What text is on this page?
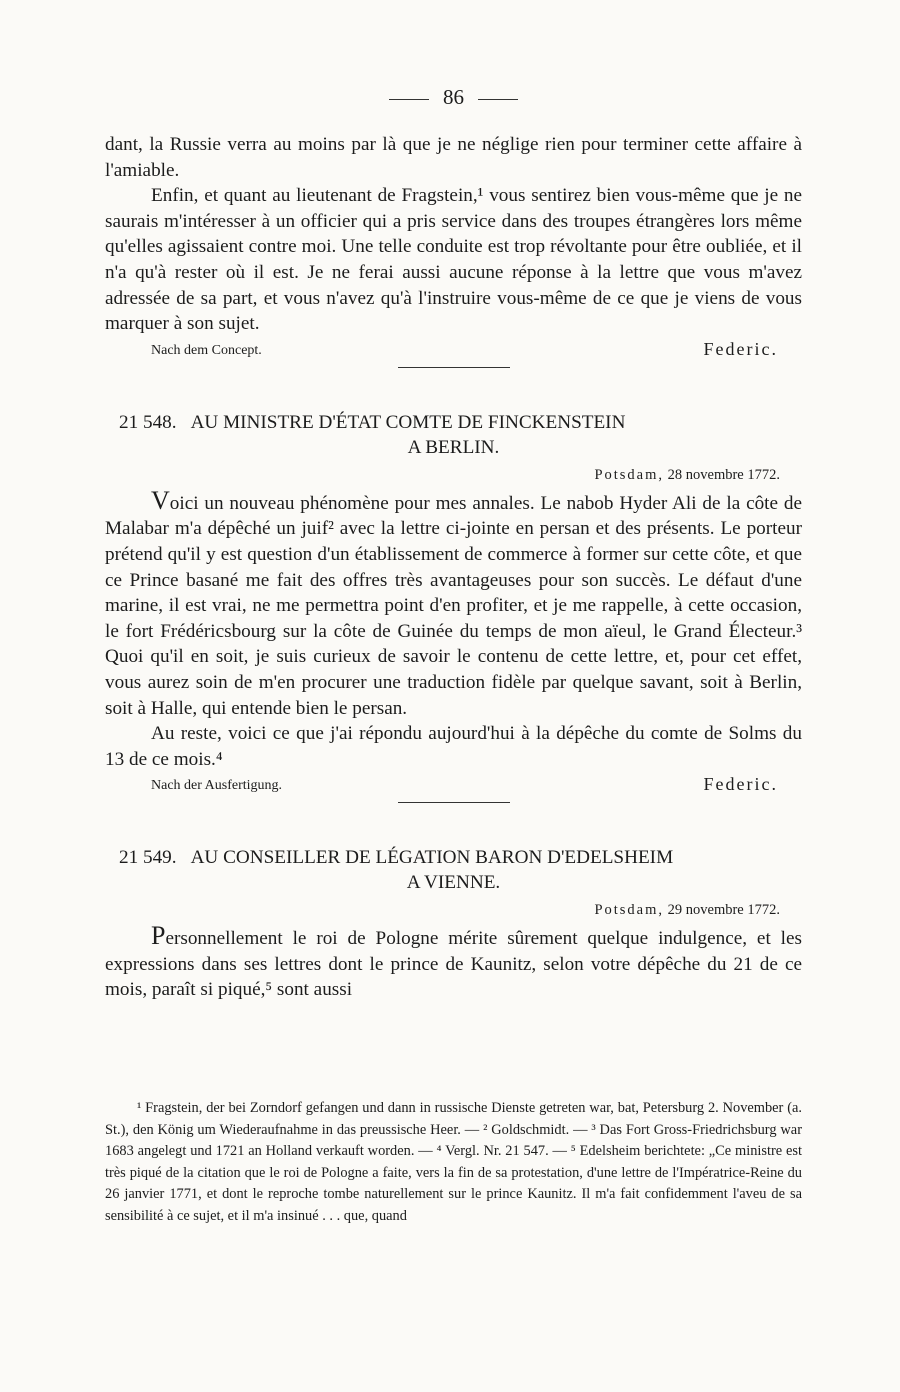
86

dant, la Russie verra au moins par là que je ne néglige rien pour terminer cette affaire à l'amiable.

Enfin, et quant au lieutenant de Fragstein,¹ vous sentirez bien vous-même que je ne saurais m'intéresser à un officier qui a pris service dans des troupes étrangères lors même qu'elles agissaient contre moi. Une telle conduite est trop révoltante pour être oubliée, et il n'a qu'à rester où il est. Je ne ferai aussi aucune réponse à la lettre que vous m'avez adressée de sa part, et vous n'avez qu'à l'instruire vous-même de ce que je viens de vous marquer à son sujet.

Nach dem Concept.	Federic.
21 548. AU MINISTRE D'ÉTAT COMTE DE FINCKENSTEIN
A BERLIN.
Potsdam, 28 novembre 1772.

Voici un nouveau phénomène pour mes annales. Le nabob Hyder Ali de la côte de Malabar m'a dépêché un juif² avec la lettre ci-jointe en persan et des présents. Le porteur prétend qu'il y est question d'un établissement de commerce à former sur cette côte, et que ce Prince basané me fait des offres très avantageuses pour son succès. Le défaut d'une marine, il est vrai, ne me permettra point d'en profiter, et je me rappelle, à cette occasion, le fort Frédéricsbourg sur la côte de Guinée du temps de mon aïeul, le Grand Électeur.³ Quoi qu'il en soit, je suis curieux de savoir le contenu de cette lettre, et, pour cet effet, vous aurez soin de m'en procurer une traduction fidèle par quelque savant, soit à Berlin, soit à Halle, qui entende bien le persan.

Au reste, voici ce que j'ai répondu aujourd'hui à la dépêche du comte de Solms du 13 de ce mois.⁴

Nach der Ausfertigung.	Federic.
21 549. AU CONSEILLER DE LÉGATION BARON D'EDELSHEIM
A VIENNE.
Potsdam, 29 novembre 1772.

Personnellement le roi de Pologne mérite sûrement quelque indulgence, et les expressions dans ses lettres dont le prince de Kaunitz, selon votre dépêche du 21 de ce mois, paraît si piqué,⁵ sont aussi

¹ Fragstein, der bei Zorndorf gefangen und dann in russische Dienste getreten war, bat, Petersburg 2. November (a. St.), den König um Wiederaufnahme in das preussische Heer. — ² Goldschmidt. — ³ Das Fort Gross-Friedrichsburg war 1683 angelegt und 1721 an Holland verkauft worden. — ⁴ Vergl. Nr. 21 547. — ⁵ Edelsheim berichtete: „Ce ministre est très piqué de la citation que le roi de Pologne a faite, vers la fin de sa protestation, d'une lettre de l'Impératrice-Reine du 26 janvier 1771, et dont le reproche tombe naturellement sur le prince Kaunitz. Il m'a fait confidemment l'aveu de sa sensibilité à ce sujet, et il m'a insinué . . . que, quand
